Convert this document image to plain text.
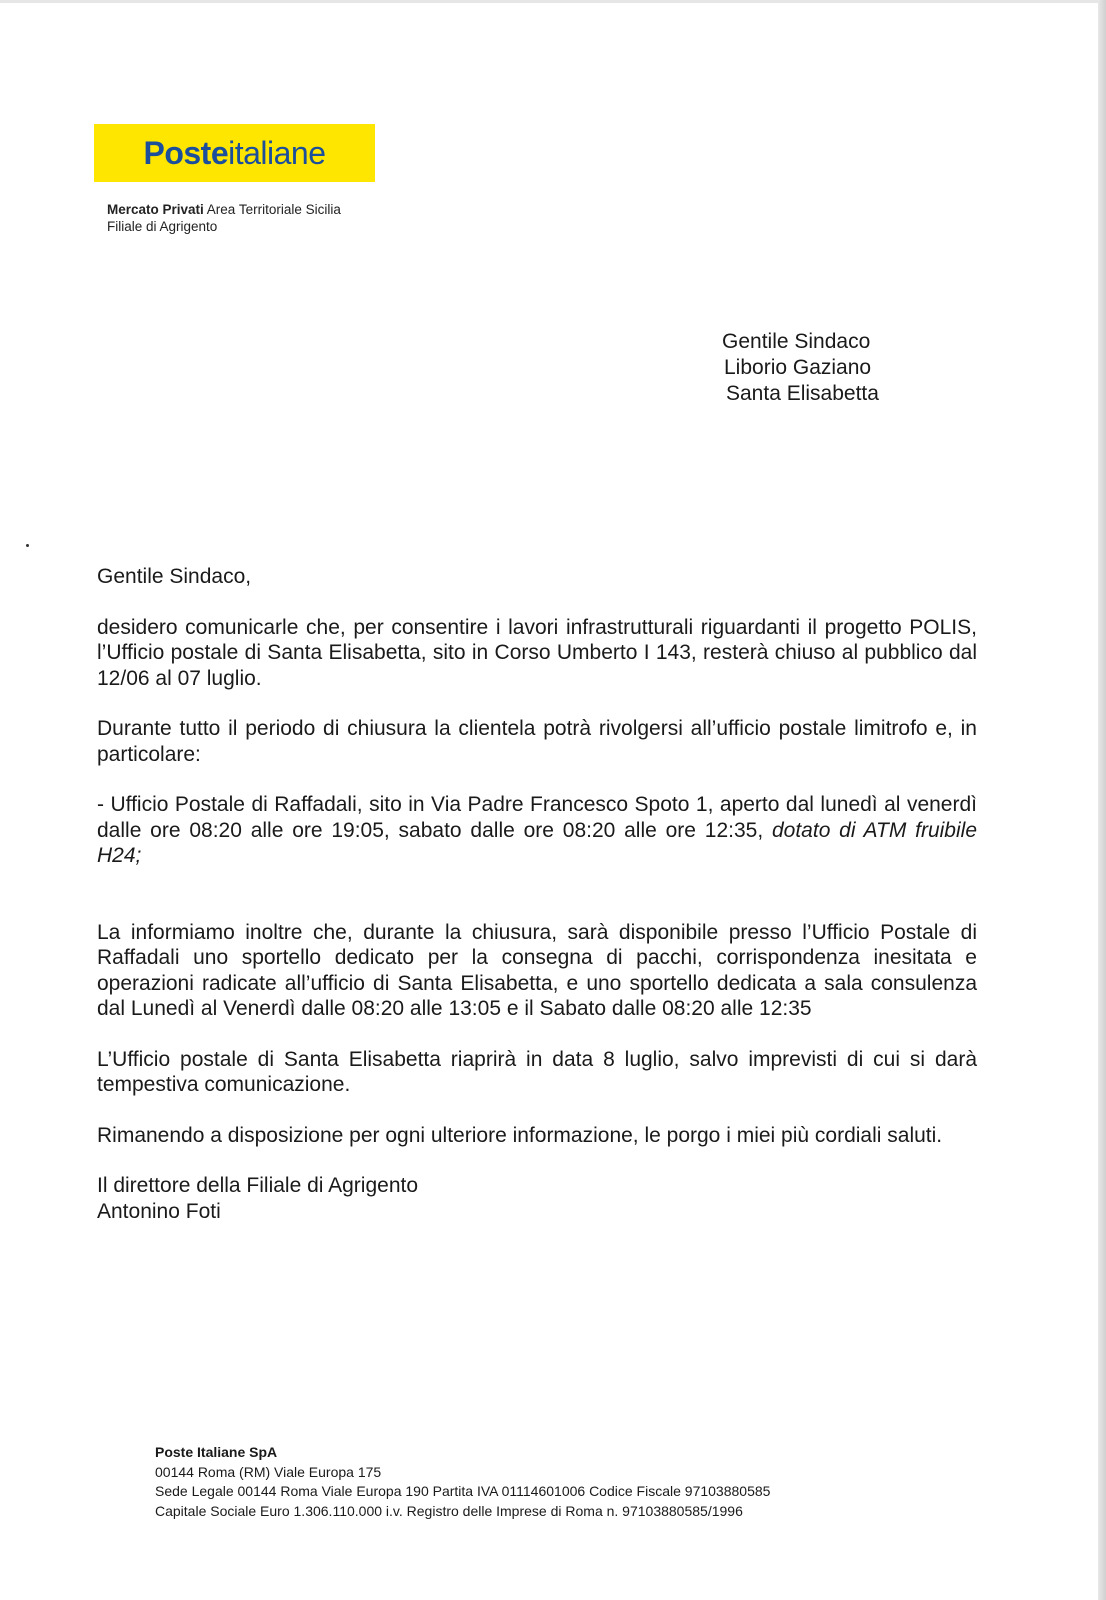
Posteitaliane
Mercato Privati Area Territoriale Sicilia
Filiale di Agrigento
Gentile Sindaco
Liborio Gaziano
Santa Elisabetta

Gentile Sindaco,

desidero comunicarle che, per consentire i lavori infrastrutturali riguardanti il progetto POLIS, l’Ufficio postale di Santa Elisabetta, sito in Corso Umberto I 143, resterà chiuso al pubblico dal 12/06 al 07 luglio.

Durante tutto il periodo di chiusura la clientela potrà rivolgersi all’ufficio postale limitrofo e, in particolare:

- Ufficio Postale di Raffadali, sito in Via Padre Francesco Spoto 1, aperto dal lunedì al venerdì dalle ore 08:20 alle ore 19:05, sabato dalle ore 08:20 alle ore 12:35, dotato di ATM fruibile H24;

La informiamo inoltre che, durante la chiusura, sarà disponibile presso l’Ufficio Postale di Raffadali uno sportello dedicato per la consegna di pacchi, corrispondenza inesitata e operazioni radicate all’ufficio di Santa Elisabetta, e uno sportello dedicata a sala consulenza dal Lunedì al Venerdì dalle 08:20 alle 13:05 e il Sabato dalle 08:20 alle 12:35

L’Ufficio postale di Santa Elisabetta riaprirà in data 8 luglio, salvo imprevisti di cui si darà tempestiva comunicazione.

Rimanendo a disposizione per ogni ulteriore informazione, le porgo i miei più cordiali saluti.

Il direttore della Filiale di Agrigento

Antonino Foti

Poste Italiane SpA
00144 Roma (RM) Viale Europa 175
Sede Legale 00144 Roma Viale Europa 190 Partita IVA 01114601006 Codice Fiscale 97103880585
Capitale Sociale Euro 1.306.110.000 i.v. Registro delle Imprese di Roma n. 97103880585/1996
